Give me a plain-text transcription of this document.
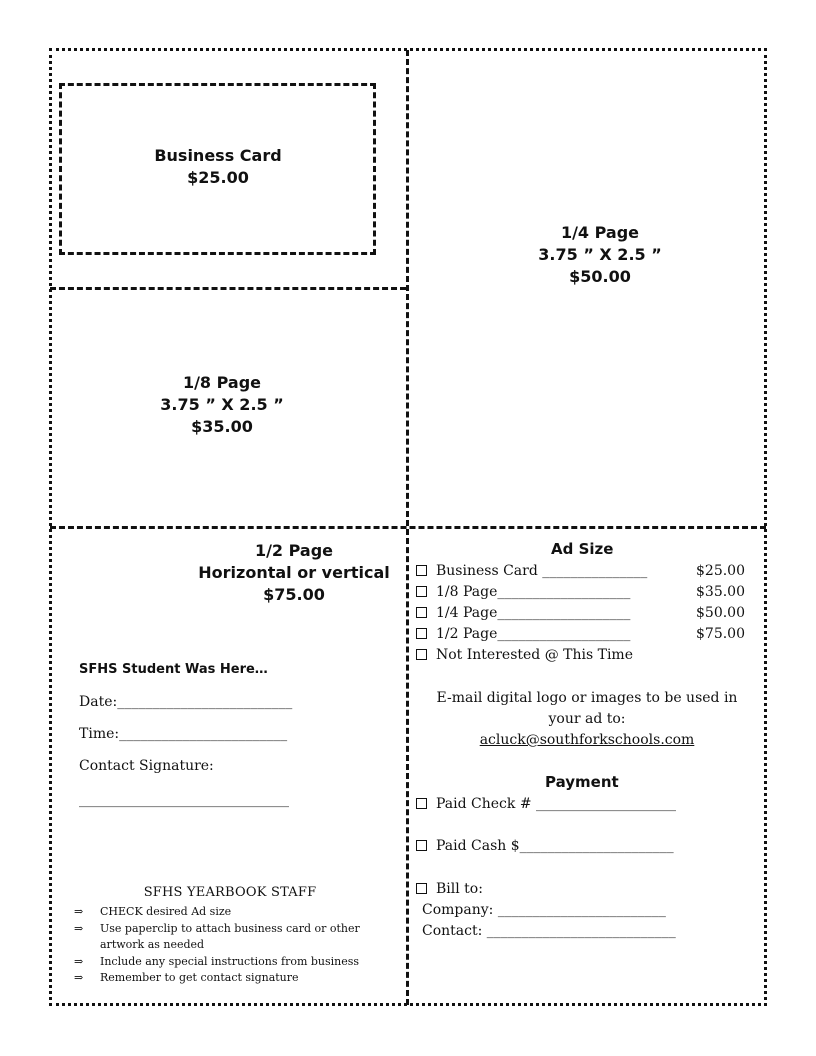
Business Card
$25.00
1/4 Page
3.75 ” X 2.5 ”
$50.00
1/8 Page
3.75 ” X 2.5 ”
$35.00
1/2 Page
Horizontal or vertical
$75.00
SFHS Student Was Here…
Date:_________________________
Time:________________________
Contact Signature:
______________________________
SFHS YEARBOOK STAFF
⇒	CHECK desired Ad size
⇒	Use paperclip to attach business card or other artwork as needed
⇒	Include any special instructions from business
⇒	Remember to get contact signature
Ad Size
Business Card _______________	$25.00
1/8 Page___________________	$35.00
1/4 Page___________________	$50.00
1/2 Page___________________	$75.00
Not Interested @ This Time
E-mail digital logo or images to be used in
your ad to:
acluck@southforkschools.com
Payment
Paid Check # ____________________
Paid Cash $______________________
Bill to:
Company: ________________________
Contact: ___________________________
